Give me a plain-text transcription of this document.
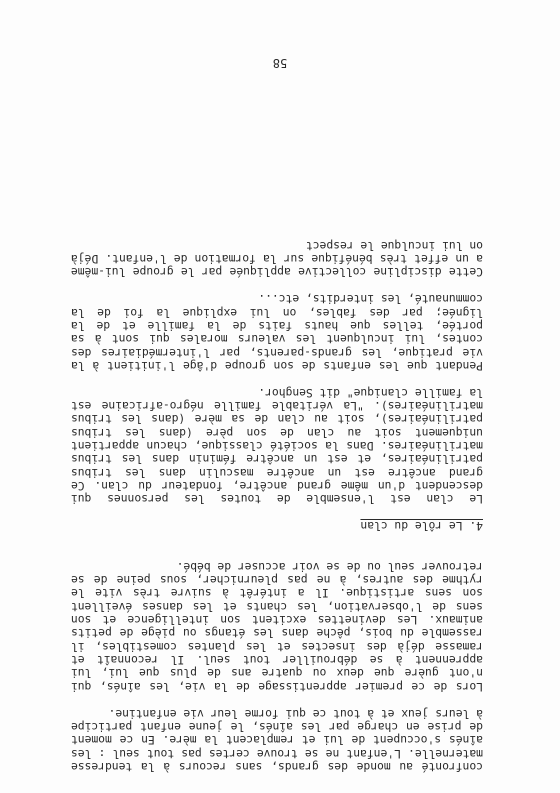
confronté au monde des grands, sans recours à la tendresse maternelle. L'enfant ne se trouve certes pas tout seul : les aînés s'occupent de lui et remplacent la mère. En ce moment de prise en charge par les aînés, le jeune enfant participe à leurs jeux et à tout ce qui forme leur vie enfantine.

Lors de ce premier apprentissage de la vie, les aînés, qui n'ont guère que deux ou quatre ans de plus que lui, lui apprennent à se débrouiller tout seul. Il reconnaît et ramasse déjà des insectes et les plantes comestibles, il rassemble du bois, pêche dans les étangs ou piège de petits animaux. Les devinettes excitent son intelligence et son sens de l'observation, les chants et les danses éveillent son sens artistique. Il a intérêt à suivre très vite le rythme des autres, à ne pas pleurnicher, sous peine de se retrouver seul ou de se voir accuser de bébé.

4. Le rôle du clan

Le clan est l'ensemble de toutes les personnes qui descendent d'un même grand ancêtre, fondateur du clan. Ce grand ancêtre est un ancêtre masculin dans les tribus patrilinéaires, et est un ancêtre féminin dans les tribus matrilinéaires. Dans la société classique, chacun appartient uniquement soit au clan de son père (dans les tribus patrilinéaires), soit au clan de sa mère (dans les tribus matrilinéaires). "La véritable famille négro-africaine est la famille clanique" dit Senghor.

Pendant que les enfants de son groupe d'âge l'initient à la vie pratique, les grands-parents, par l'intermédiaires des contes, lui inculquent les valeurs morales qui sont à sa portée, telles que hauts faits de la famille et de la lignée; par des fables, on lui explique la foi de la communauté, les interdits, etc...

Cette discipline collective appliquée par le groupe lui-même a un effet très bénéfique sur la formation de l'enfant. Déjà on lui inculque le respect

58
